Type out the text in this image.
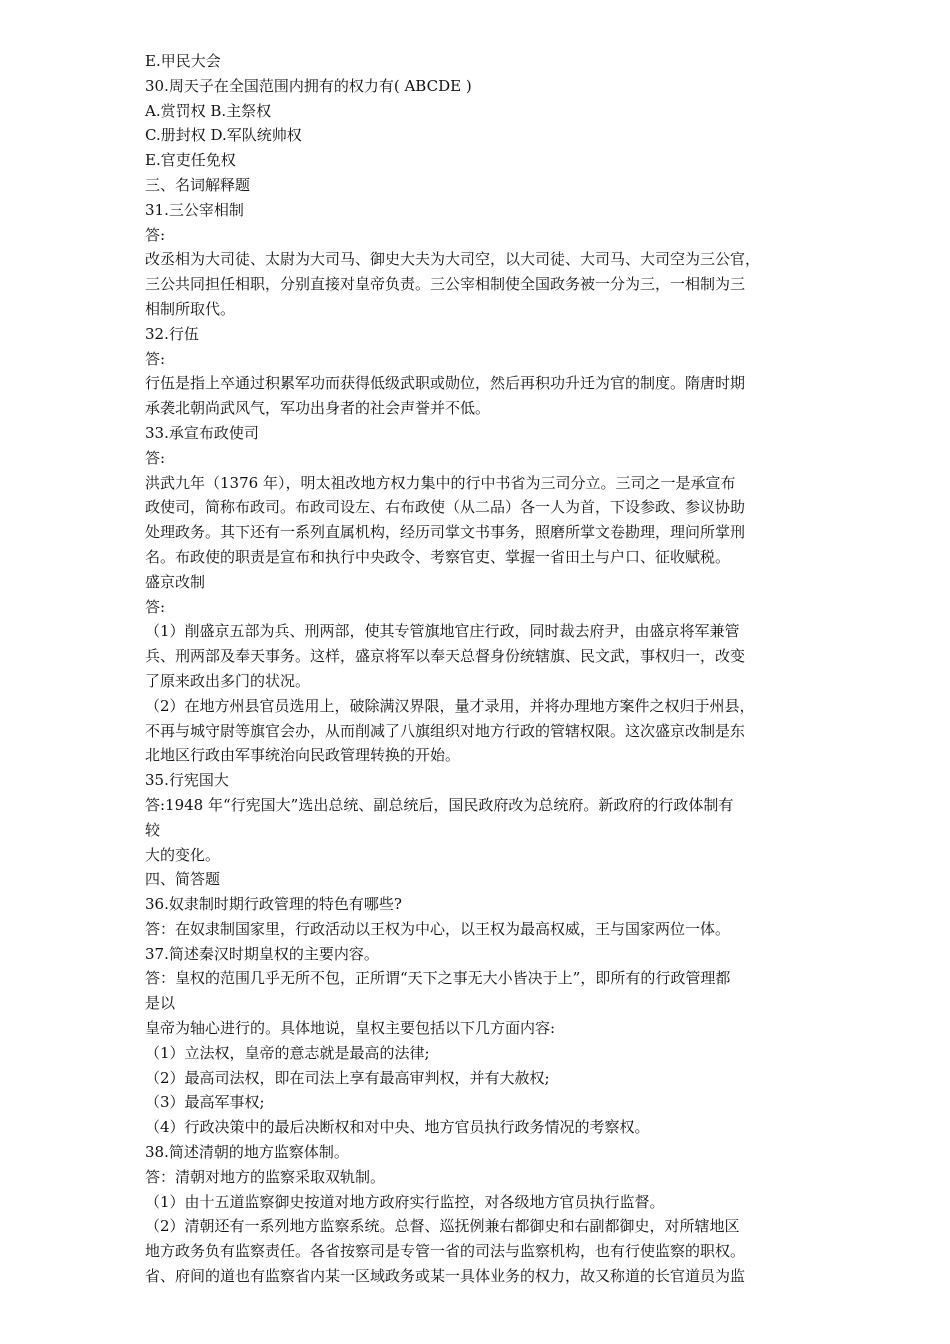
E.甲民大会
30.周天子在全国范围内拥有的权力有( ABCDE )
A.赏罚权 B.主祭权
C.册封权 D.军队统帅权
E.官吏任免权
三、名词解释题
31.三公宰相制
答:
改丞相为大司徒、太尉为大司马、御史大夫为大司空，以大司徒、大司马、大司空为三公官，
三公共同担任相职，分别直接对皇帝负责。三公宰相制使全国政务被一分为三，一相制为三
相制所取代。
32.行伍
答:
行伍是指上卒通过积累军功而获得低级武职或勋位，然后再积功升迁为官的制度。隋唐时期
承袭北朝尚武风气，军功出身者的社会声誉并不低。
33.承宣布政使司
答:
洪武九年（1376 年），明太祖改地方权力集中的行中书省为三司分立。三司之一是承宣布
政使司，简称布政司。布政司设左、右布政使（从二品）各一人为首，下设参政、参议协助
处理政务。其下还有一系列直属机构，经历司掌文书事务，照磨所掌文卷勘理，理问所掌刑
名。布政使的职责是宣布和执行中央政令、考察官吏、掌握一省田土与户口、征收赋税。
盛京改制
答:
（1）削盛京五部为兵、刑两部，使其专管旗地官庄行政，同时裁去府尹，由盛京将军兼管
兵、刑两部及奉天事务。这样，盛京将军以奉天总督身份统辖旗、民文武，事权归一，改变
了原来政出多门的状况。
（2）在地方州县官员选用上，破除满汉界限，量才录用，并将办理地方案件之权归于州县，
不再与城守尉等旗官会办，从而削减了八旗组织对地方行政的管辖权限。这次盛京改制是东
北地区行政由军事统治向民政管理转换的开始。
35.行宪国大
答:1948 年“行宪国大”选出总统、副总统后，国民政府改为总统府。新政府的行政体制有
较
大的变化。
四、简答题
36.奴隶制时期行政管理的特色有哪些?
答：在奴隶制国家里，行政活动以王权为中心，以王权为最高权威，王与国家两位一体。
37.简述秦汉时期皇权的主要内容。
答：皇权的范围几乎无所不包，正所谓“天下之事无大小皆决于上”，即所有的行政管理都
是以
皇帝为轴心进行的。具体地说，皇权主要包括以下几方面内容:
（1）立法权，皇帝的意志就是最高的法律;
（2）最高司法权，即在司法上享有最高审判权，并有大赦权;
（3）最高军事权;
（4）行政决策中的最后决断权和对中央、地方官员执行政务情况的考察权。
38.简述清朝的地方监察体制。
答：清朝对地方的监察采取双轨制。
（1）由十五道监察御史按道对地方政府实行监控，对各级地方官员执行监督。
（2）清朝还有一系列地方监察系统。总督、巡抚例兼右都御史和右副都御史，对所辖地区
地方政务负有监察责任。各省按察司是专管一省的司法与监察机构，也有行使监察的职权。
省、府间的道也有监察省内某一区域政务或某一具体业务的权力，故又称道的长官道员为监
